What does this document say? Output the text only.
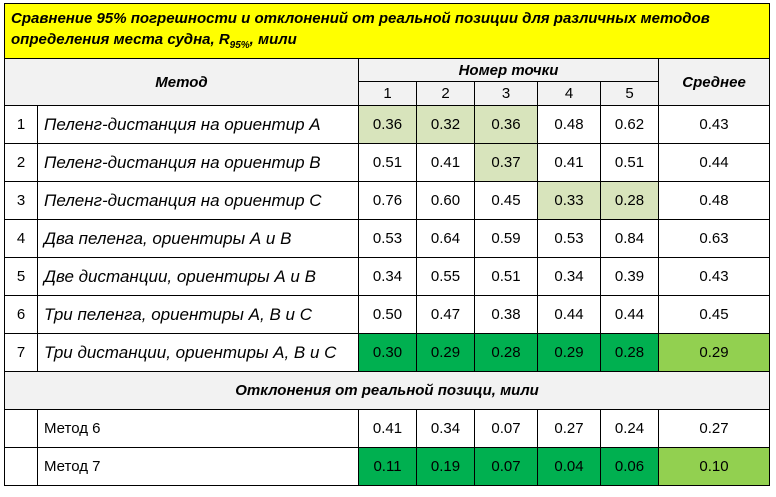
Сравнение 95% погрешности и отклонений от реальной позиции для различных методов
определения места судна, $R_{95\%}$, мили							
Метод		Номер точки					Среднее
		1	2	3	4	5	
1	Пеленг-дистанция на ориентир А	0.36	0.32	0.36	0.48	0.62	0.43
2	Пеленг-дистанция на ориентир В	0.51	0.41	0.37	0.41	0.51	0.44
3	Пеленг-дистанция на ориентир С	0.76	0.60	0.45	0.33	0.28	0.48
4	Два пеленга, ориентиры А и В	0.53	0.64	0.59	0.53	0.84	0.63
5	Две дистанции, ориентиры А и В	0.34	0.55	0.51	0.34	0.39	0.43
6	Три пеленга, ориентиры А, В и С	0.50	0.47	0.38	0.44	0.44	0.45
7	Три дистанции, ориентиры А, В и С	0.30	0.29	0.28	0.29	0.28	0.29
Отклонения от реальной позици, мили							
	Метод 6	0.41	0.34	0.07	0.27	0.24	0.27
	Метод 7	0.11	0.19	0.07	0.04	0.06	0.10
